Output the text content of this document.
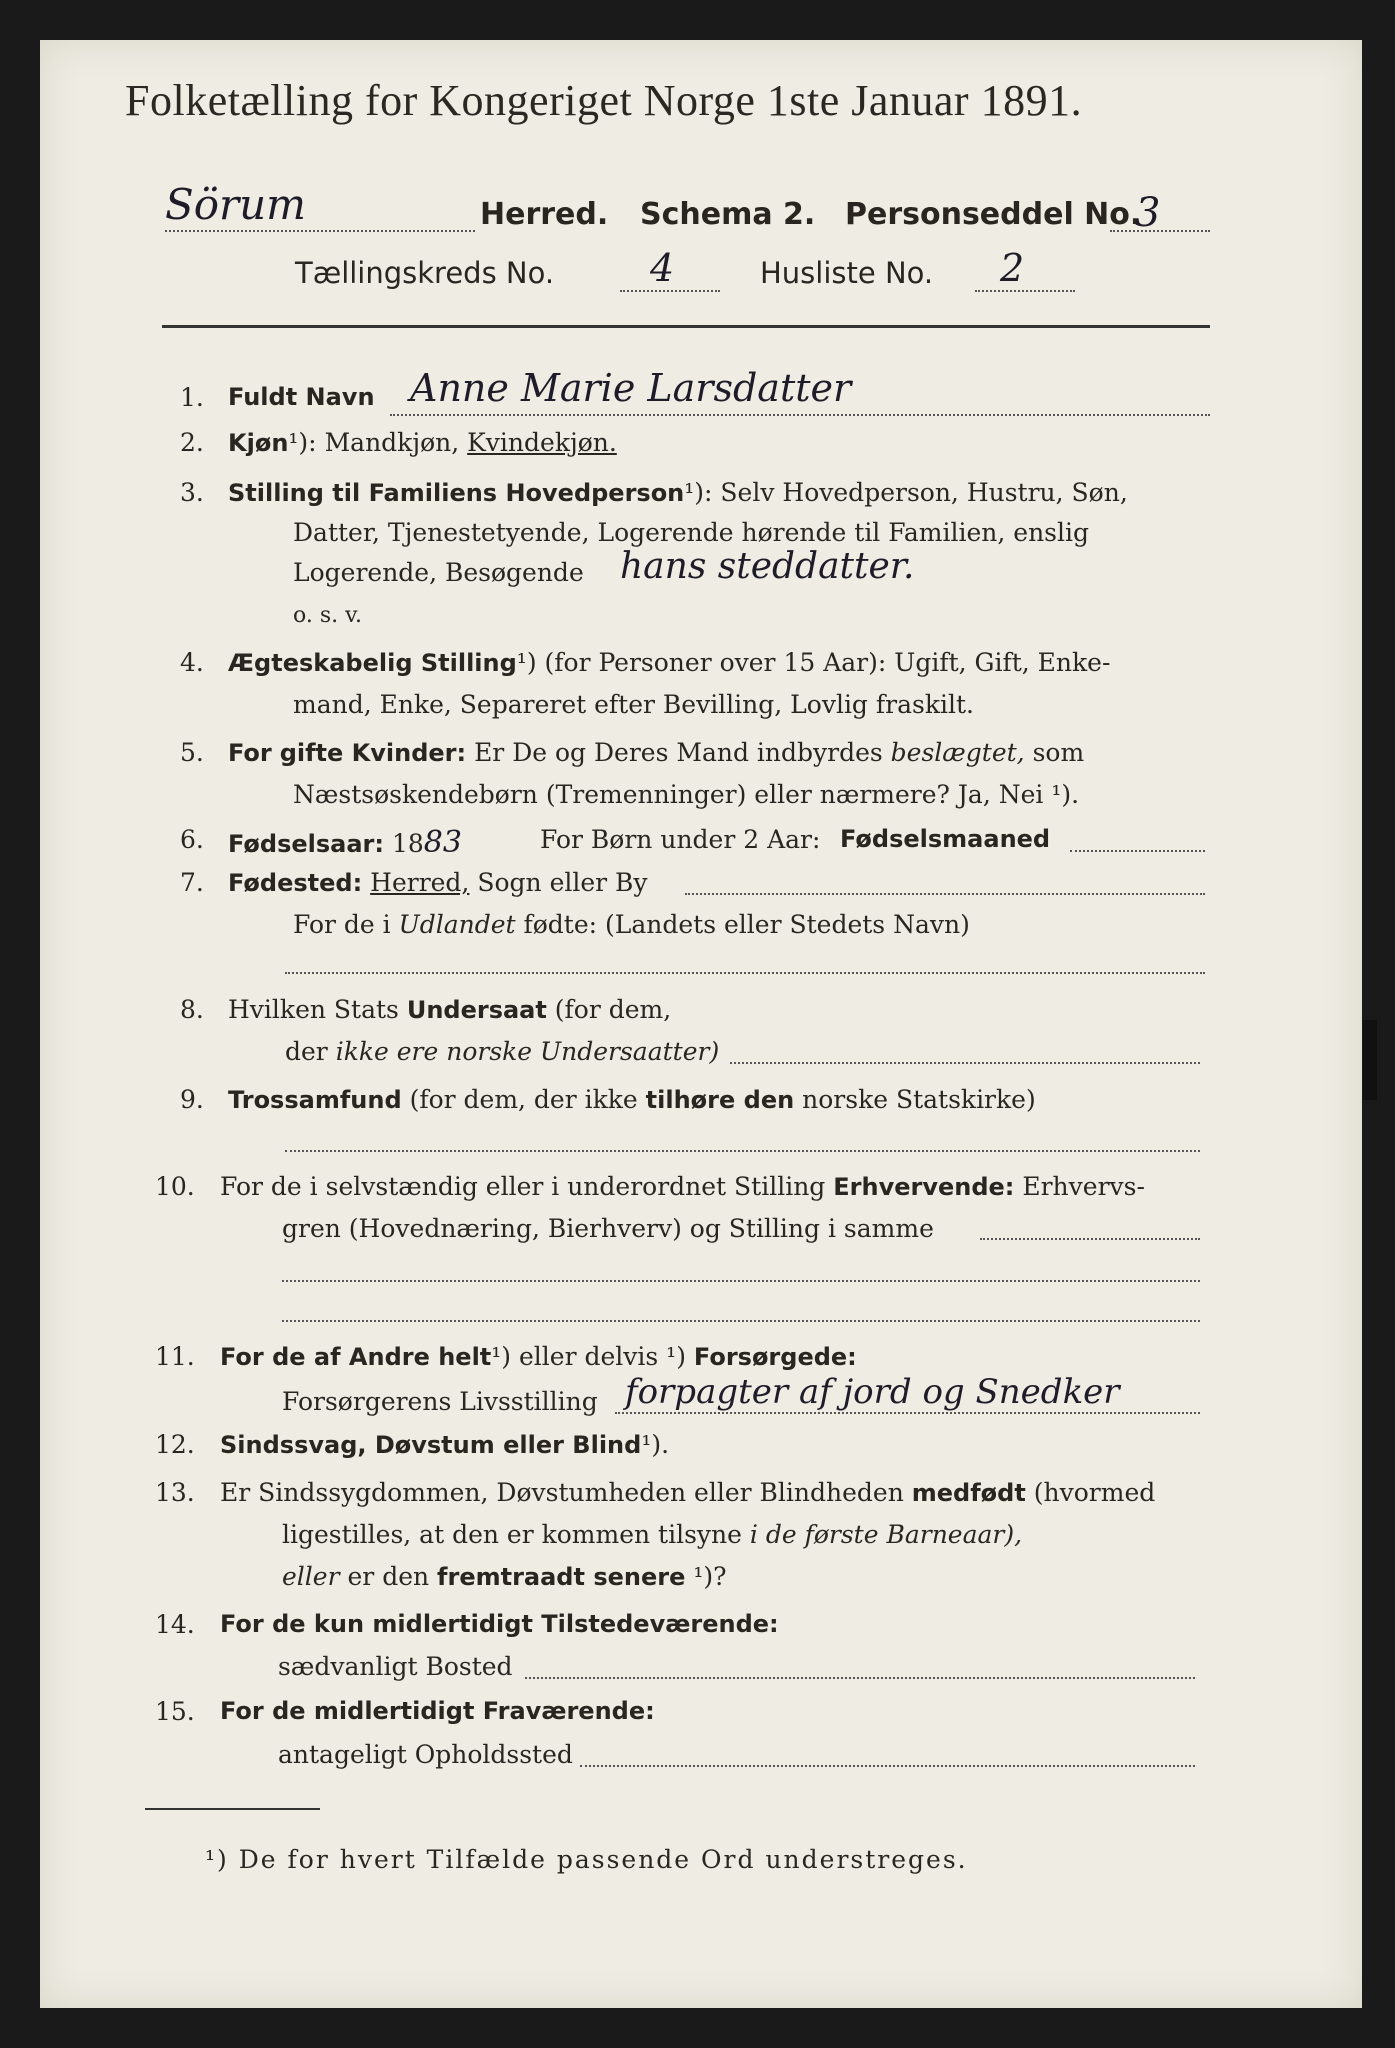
Folketælling for Kongeriget Norge 1ste Januar 1891.
Sörum	Herred. Schema 2. Personseddel No.
3
Tællingskreds No.	4	Husliste No. 2
1. Fuldt Navn Anne Marie Larsdatter
2. Kjøn¹): Mandkjøn, Kvindekjøn.
3. Stilling til Familiens Hovedperson¹): Selv Hovedperson, Hustru, Søn,
Datter, Tjenestetyende, Logerende hørende til Familien, enslig
Logerende, Besøgende hans steddatter.
o. s. v.
4. Ægteskabelig Stilling¹) (for Personer over 15 Aar): Ugift, Gift, Enke-
mand, Enke, Separeret efter Bevilling, Lovlig fraskilt.
5. For gifte Kvinder: Er De og Deres Mand indbyrdes beslægtet, som
Næstsøskendebørn (Tremenninger) eller nærmere? Ja, Nei ¹).
6. Fødselsaar: 1883	For Børn under 2 Aar: Fødselsmaaned
7. Fødested: Herred, Sogn eller By
For de i Udlandet fødte: (Landets eller Stedets Navn)
8. Hvilken Stats Undersaat (for dem,
der ikke ere norske Undersaatter)
9. Trossamfund (for dem, der ikke tilhøre den norske Statskirke)
10. For de i selvstændig eller i underordnet Stilling Erhvervende: Erhvervs-
gren (Hovednæring, Bierhverv) og Stilling i samme
11. For de af Andre helt¹) eller delvis ¹) Forsørgede:
Forsørgerens Livsstilling forpagter af jord og Snedker
12. Sindssvag, Døvstum eller Blind¹).
13. Er Sindssygdommen, Døvstumheden eller Blindheden medfødt (hvormed
ligestilles, at den er kommen tilsyne i de første Barneaar),
eller er den fremtraadt senere ¹)?
14. For de kun midlertidigt Tilstedeværende:
sædvanligt Bosted
15. For de midlertidigt Fraværende:
antageligt Opholdssted
¹) De for hvert Tilfælde passende Ord understreges.
